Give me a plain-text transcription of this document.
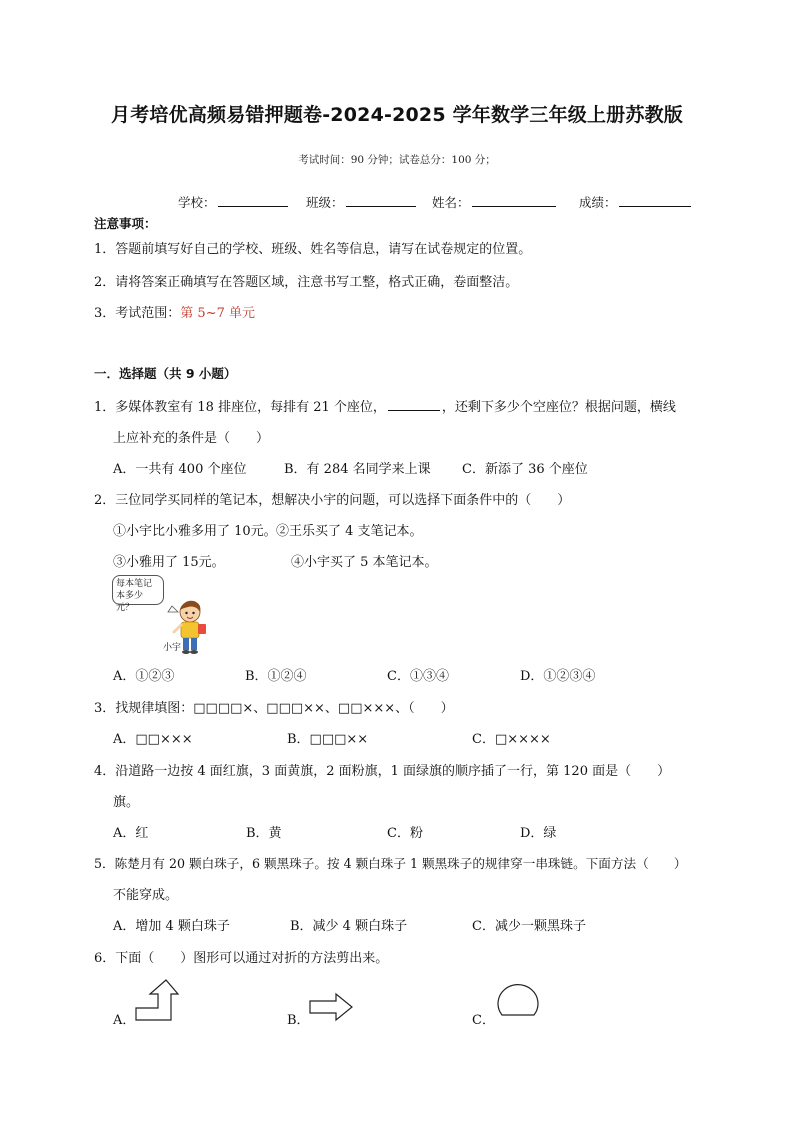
月考培优高频易错押题卷-2024-2025 学年数学三年级上册苏教版
考试时间：90 分钟；试卷总分：100 分；
学校：	班级：	姓名：	成绩：
注意事项：
1．答题前填写好自己的学校、班级、姓名等信息，请写在试卷规定的位置。
2．请将答案正确填写在答题区域，注意书写工整，格式正确，卷面整洁。
3．考试范围：第 5~7 单元
一．选择题（共 9 小题）
1．多媒体教室有 18 排座位，每排有 21 个座位，	，还剩下多少个空座位？根据问题，横线
上应补充的条件是（　　）
A．一共有 400 个座位	B．有 284 名同学来上课 C．新添了 36 个座位
2．三位同学买同样的笔记本，想解决小宇的问题，可以选择下面条件中的（　　）
①小宇比小雅多用了 10元。 ②王乐买了 4 支笔记本。
③小雅用了 15元。	④小宇买了 5 本笔记本。
每本笔记本多少元？
小宇
A．①②③	B．①②④	C．①③④	D．①②③④
3．找规律填图：□□□□×、□□□××、□□×××、（　　）
A．□□×××	B．□□□××	C．□××××
4．沿道路一边按 4 面红旗，3 面黄旗，2 面粉旗，1 面绿旗的顺序插了一行，第 120 面是（　　）
旗。
A．红	B．黄	C．粉	D．绿
5．陈楚月有 20 颗白珠子，6 颗黑珠子。按 4 颗白珠子 1 颗黑珠子的规律穿一串珠链。下面方法（　　）
不能穿成。
A．增加 4 颗白珠子	B．减少 4 颗白珠子	C．减少一颗黑珠子
6．下面（　　）图形可以通过对折的方法剪出来。
A．	B．	C．
